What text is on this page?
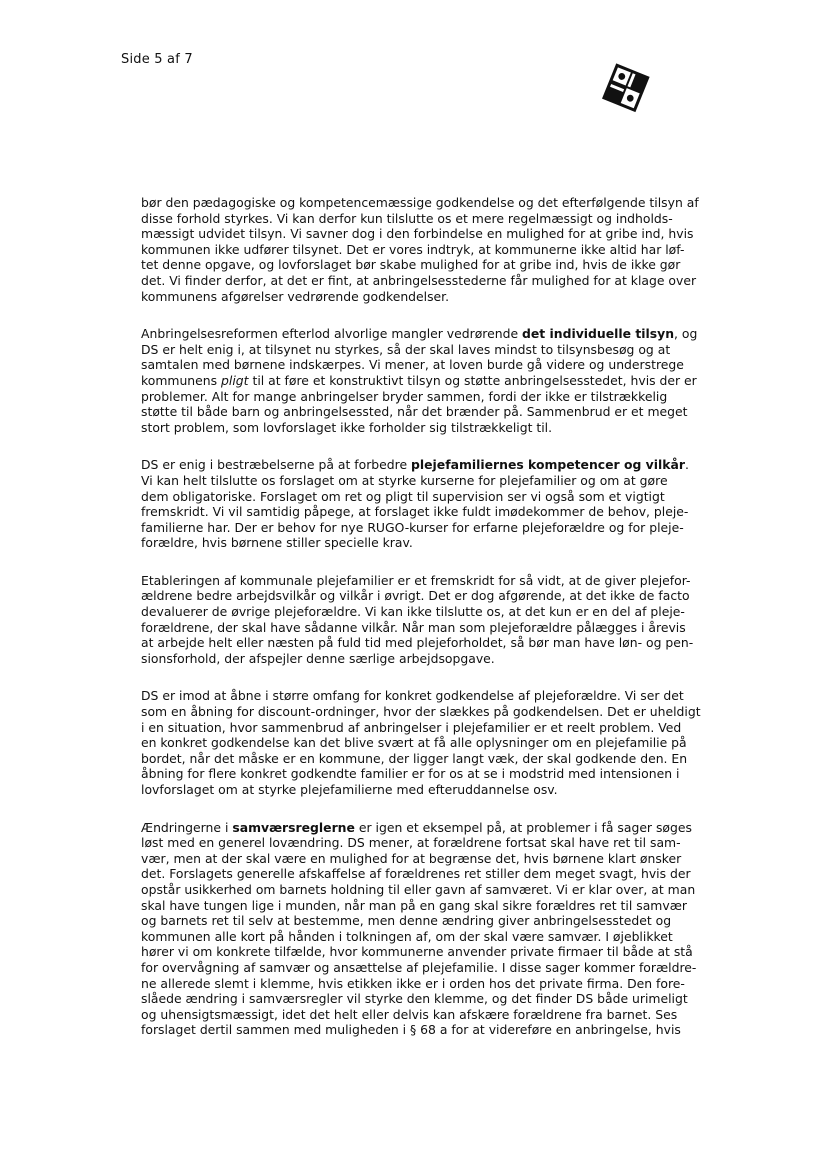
Side 5 af 7
bør den pædagogiske og kompetencemæssige godkendelse og det efterfølgende tilsyn af
disse forhold styrkes. Vi kan derfor kun tilslutte os et mere regelmæssigt og indholds-
mæssigt udvidet tilsyn. Vi savner dog i den forbindelse en mulighed for at gribe ind, hvis
kommunen ikke udfører tilsynet. Det er vores indtryk, at kommunerne ikke altid har løf-
tet denne opgave, og lovforslaget bør skabe mulighed for at gribe ind, hvis de ikke gør
det. Vi finder derfor, at det er fint, at anbringelsesstederne får mulighed for at klage over
kommunens afgørelser vedrørende godkendelser.
Anbringelsesreformen efterlod alvorlige mangler vedrørende det individuelle tilsyn, og
DS er helt enig i, at tilsynet nu styrkes, så der skal laves mindst to tilsynsbesøg og at
samtalen med børnene indskærpes. Vi mener, at loven burde gå videre og understrege
kommunens pligt til at føre et konstruktivt tilsyn og støtte anbringelsesstedet, hvis der er
problemer. Alt for mange anbringelser bryder sammen, fordi der ikke er tilstrækkelig
støtte til både barn og anbringelsessted, når det brænder på. Sammenbrud er et meget
stort problem, som lovforslaget ikke forholder sig tilstrækkeligt til.
DS er enig i bestræbelserne på at forbedre plejefamiliernes kompetencer og vilkår.
Vi kan helt tilslutte os forslaget om at styrke kurserne for plejefamilier og om at gøre
dem obligatoriske. Forslaget om ret og pligt til supervision ser vi også som et vigtigt
fremskridt. Vi vil samtidig påpege, at forslaget ikke fuldt imødekommer de behov, pleje-
familierne har. Der er behov for nye RUGO-kurser for erfarne plejeforældre og for pleje-
forældre, hvis børnene stiller specielle krav.
Etableringen af kommunale plejefamilier er et fremskridt for så vidt, at de giver plejefor-
ældrene bedre arbejdsvilkår og vilkår i øvrigt. Det er dog afgørende, at det ikke de facto
devaluerer de øvrige plejeforældre. Vi kan ikke tilslutte os, at det kun er en del af pleje-
forældrene, der skal have sådanne vilkår. Når man som plejeforældre pålægges i årevis
at arbejde helt eller næsten på fuld tid med plejeforholdet, så bør man have løn- og pen-
sionsforhold, der afspejler denne særlige arbejdsopgave.
DS er imod at åbne i større omfang for konkret godkendelse af plejeforældre. Vi ser det
som en åbning for discount-ordninger, hvor der slækkes på godkendelsen. Det er uheldigt
i en situation, hvor sammenbrud af anbringelser i plejefamilier er et reelt problem. Ved
en konkret godkendelse kan det blive svært at få alle oplysninger om en plejefamilie på
bordet, når det måske er en kommune, der ligger langt væk, der skal godkende den. En
åbning for flere konkret godkendte familier er for os at se i modstrid med intensionen i
lovforslaget om at styrke plejefamilierne med efteruddannelse osv.
Ændringerne i samværsreglerne er igen et eksempel på, at problemer i få sager søges
løst med en generel lovændring. DS mener, at forældrene fortsat skal have ret til sam-
vær, men at der skal være en mulighed for at begrænse det, hvis børnene klart ønsker
det. Forslagets generelle afskaffelse af forældrenes ret stiller dem meget svagt, hvis der
opstår usikkerhed om barnets holdning til eller gavn af samværet. Vi er klar over, at man
skal have tungen lige i munden, når man på en gang skal sikre forældres ret til samvær
og barnets ret til selv at bestemme, men denne ændring giver anbringelsesstedet og
kommunen alle kort på hånden i tolkningen af, om der skal være samvær. I øjeblikket
hører vi om konkrete tilfælde, hvor kommunerne anvender private firmaer til både at stå
for overvågning af samvær og ansættelse af plejefamilie. I disse sager kommer forældre-
ne allerede slemt i klemme, hvis etikken ikke er i orden hos det private firma. Den fore-
slåede ændring i samværsregler vil styrke den klemme, og det finder DS både urimeligt
og uhensigtsmæssigt, idet det helt eller delvis kan afskære forældrene fra barnet. Ses
forslaget dertil sammen med muligheden i § 68 a for at videreføre en anbringelse, hvis
